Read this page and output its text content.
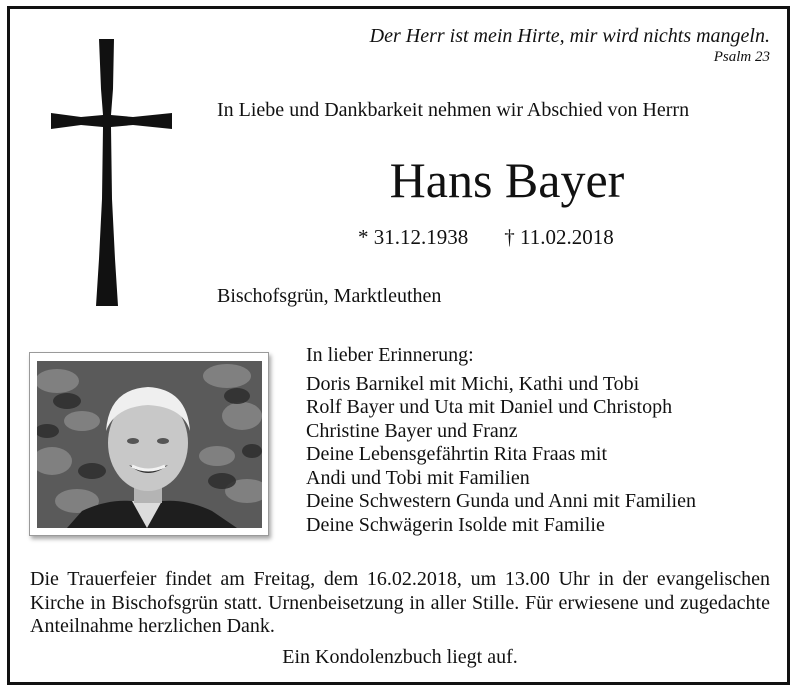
Der Herr ist mein Hirte, mir wird nichts mangeln.
Psalm 23
In Liebe und Dankbarkeit nehmen wir Abschied von Herrn
Hans Bayer
* 31.12.1938 † 11.02.2018
Bischofsgrün, Marktleuthen
In lieber Erinnerung:
Doris Barnikel mit Michi, Kathi und Tobi
Rolf Bayer und Uta mit Daniel und Christoph
Christine Bayer und Franz
Deine Lebensgefährtin Rita Fraas mit
Andi und Tobi mit Familien
Deine Schwestern Gunda und Anni mit Familien
Deine Schwägerin Isolde mit Familie
Die Trauerfeier findet am Freitag, dem 16.02.2018, um 13.00 Uhr in der evangelischen Kirche in Bischofsgrün statt. Urnenbeisetzung in aller Stille. Für erwiesene und zugedachte Anteilnahme herzlichen Dank.
Ein Kondolenzbuch liegt auf.
